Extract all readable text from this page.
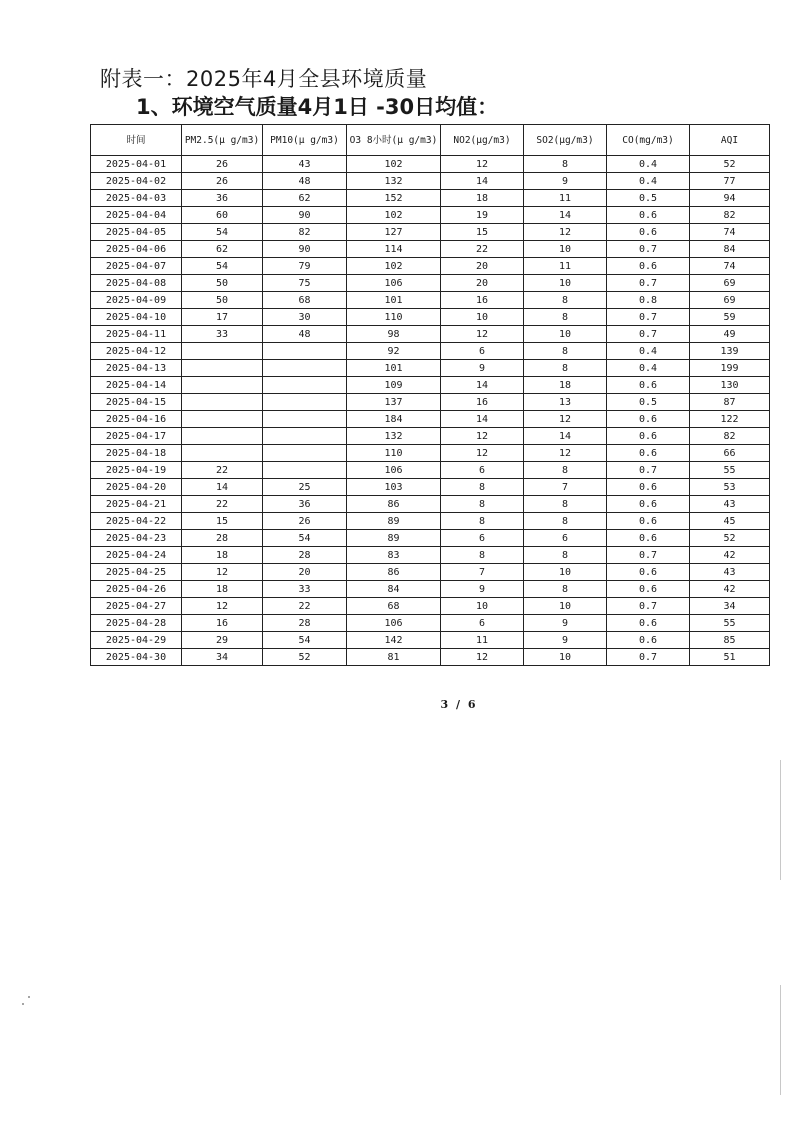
附表一：2025年4月全县环境质量
1、环境空气质量4月1日 -30日均值：
时间	PM2.5(μ g/m3)	PM10(μ g/m3)	O3 8小时(μ g/m3)	NO2(μg/m3)	SO2(μg/m3)	CO(mg/m3)	AQI
2025-04-01	26	43	102	12	8	0.4	52
2025-04-02	26	48	132	14	9	0.4	77
2025-04-03	36	62	152	18	11	0.5	94
2025-04-04	60	90	102	19	14	0.6	82
2025-04-05	54	82	127	15	12	0.6	74
2025-04-06	62	90	114	22	10	0.7	84
2025-04-07	54	79	102	20	11	0.6	74
2025-04-08	50	75	106	20	10	0.7	69
2025-04-09	50	68	101	16	8	0.8	69
2025-04-10	17	30	110	10	8	0.7	59
2025-04-11	33	48	98	12	10	0.7	49
2025-04-12			92	6	8	0.4	139
2025-04-13			101	9	8	0.4	199
2025-04-14			109	14	18	0.6	130
2025-04-15			137	16	13	0.5	87
2025-04-16			184	14	12	0.6	122
2025-04-17			132	12	14	0.6	82
2025-04-18			110	12	12	0.6	66
2025-04-19	22		106	6	8	0.7	55
2025-04-20	14	25	103	8	7	0.6	53
2025-04-21	22	36	86	8	8	0.6	43
2025-04-22	15	26	89	8	8	0.6	45
2025-04-23	28	54	89	6	6	0.6	52
2025-04-24	18	28	83	8	8	0.7	42
2025-04-25	12	20	86	7	10	0.6	43
2025-04-26	18	33	84	9	8	0.6	42
2025-04-27	12	22	68	10	10	0.7	34
2025-04-28	16	28	106	6	9	0.6	55
2025-04-29	29	54	142	11	9	0.6	85
2025-04-30	34	52	81	12	10	0.7	51
3 / 6
